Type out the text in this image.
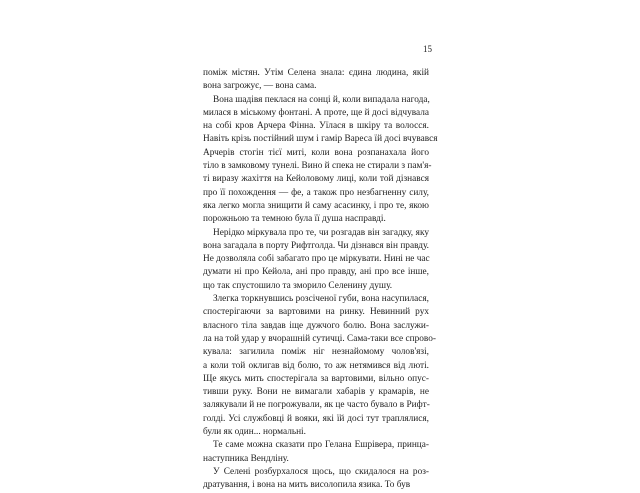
15
поміж містян. Утім Селена знала: єдина людина, якій
вона загрожує, — вона сама.
Вона шадівя пеклася на сонці й, коли випадала нагода,
милася в міському фонтані. А проте, ще й досі відчувала
на собі кров Арчера Фінна. Уїлася в шкіру та волосся.
Навіть крізь постійний шум і гамір Вареса їй досі вчувався
Арчерів стогін тієї миті, коли вона розпанахала його
тіло в замковому тунелі. Вино й спека не стирали з пам'я-
ті виразу жахіття на Кейоловому лиці, коли той дізнався
про її похождення — фе, а також про незбагненну силу,
яка легко могла знищити й саму асасинку, і про те, якою
порожньою та темною була її душа насправді.
Нерідко міркувала про те, чи розгадав він загадку, яку
вона загадала в порту Рифтголда. Чи дізнався він правду.
Не дозволяла собі забагато про це міркувати. Нині не час
думати ні про Кейола, ані про правду, ані про все інше,
що так спустошило та зморило Селенину душу.
Злегка торкнувшись розсіченої губи, вона насупилася,
спостерігаючи за вартовими на ринку. Невинний рух
власного тіла завдав іще дужчого болю. Вона заслужи-
ла на той удар у вчорашній сутичці. Сама-таки все спрово-
кувала: загилила поміж ніг незнайомому чолов'язі,
а коли той оклигав від болю, то аж нетямився від люті.
Ще якусь мить спостерігала за вартовими, вільно опус-
тивши руку. Вони не вимагали хабарів у крамарів, не
залякували й не погрожували, як це часто бувало в Рифт-
голді. Усі службовці й вояки, які їй досі тут траплялися,
були як один... нормальні.
Те саме можна сказати про Гелана Ешрівера, принца-
наступника Вендліну.
У Селені розбурхалося щось, що скидалося на роз-
дратування, і вона на мить висолопила язика. То був
